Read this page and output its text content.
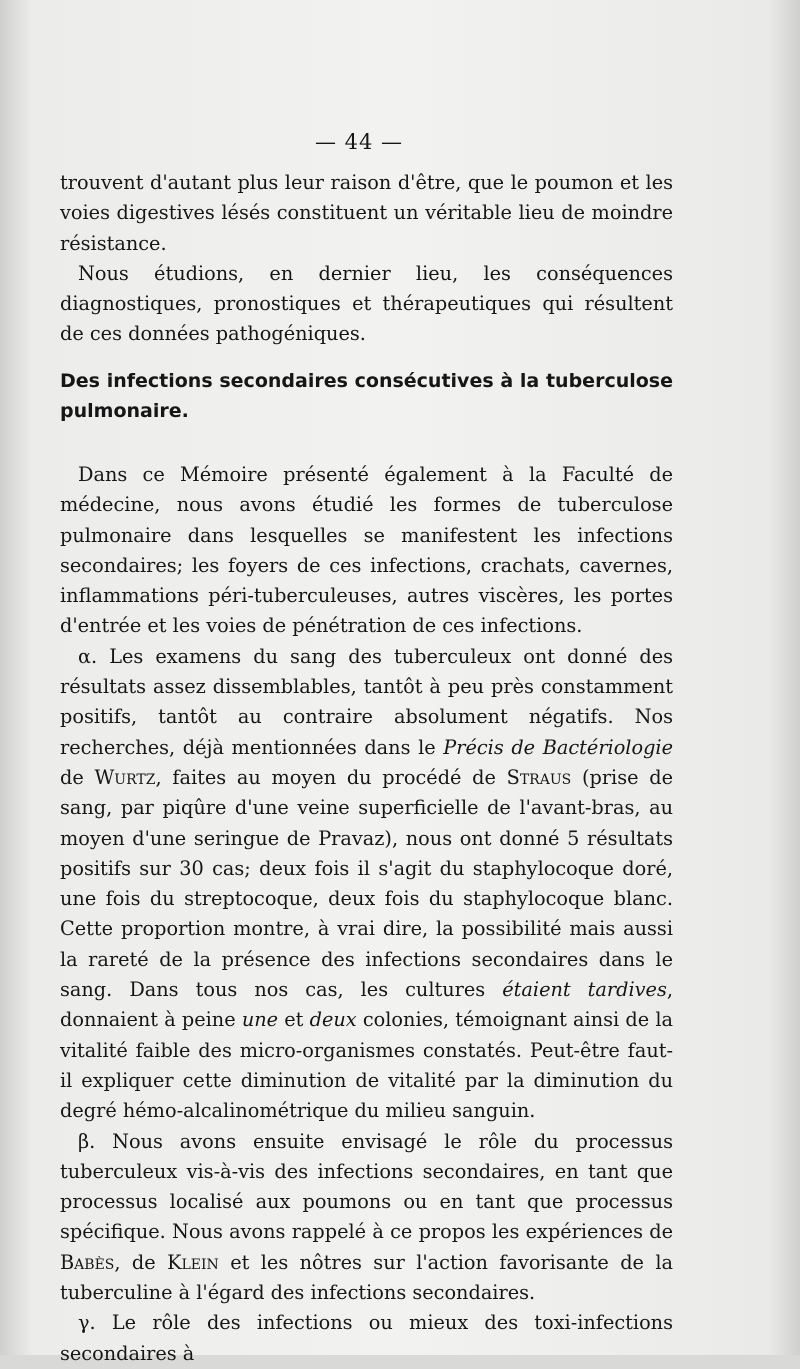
— 44 —

trouvent d'autant plus leur raison d'être, que le poumon et les voies digestives lésés constituent un véritable lieu de moindre résistance.

Nous étudions, en dernier lieu, les conséquences diagnostiques, pronostiques et thérapeutiques qui résultent de ces données pathogéniques.

Des infections secondaires consécutives à la tuberculose pulmonaire.

Dans ce Mémoire présenté également à la Faculté de médecine, nous avons étudié les formes de tuberculose pulmonaire dans lesquelles se manifestent les infections secondaires; les foyers de ces infections, crachats, cavernes, inflammations péri-tuberculeuses, autres viscères, les portes d'entrée et les voies de pénétration de ces infections.

α. Les examens du sang des tuberculeux ont donné des résultats assez dissemblables, tantôt à peu près constamment positifs, tantôt au contraire absolument négatifs. Nos recherches, déjà mentionnées dans le Précis de Bactériologie de Wurtz, faites au moyen du procédé de Straus (prise de sang, par piqûre d'une veine superficielle de l'avant-bras, au moyen d'une seringue de Pravaz), nous ont donné 5 résultats positifs sur 30 cas; deux fois il s'agit du staphylocoque doré, une fois du streptocoque, deux fois du staphylocoque blanc. Cette proportion montre, à vrai dire, la possibilité mais aussi la rareté de la présence des infections secondaires dans le sang. Dans tous nos cas, les cultures étaient tardives, donnaient à peine une et deux colonies, témoignant ainsi de la vitalité faible des micro-organismes constatés. Peut-être faut-il expliquer cette diminution de vitalité par la diminution du degré hémo-alcalinométrique du milieu sanguin.

β. Nous avons ensuite envisagé le rôle du processus tuberculeux vis-à-vis des infections secondaires, en tant que processus localisé aux poumons ou en tant que processus spécifique. Nous avons rappelé à ce propos les expériences de Babès, de Klein et les nôtres sur l'action favorisante de la tuberculine à l'égard des infections secondaires.

γ. Le rôle des infections ou mieux des toxi-infections secondaires à
